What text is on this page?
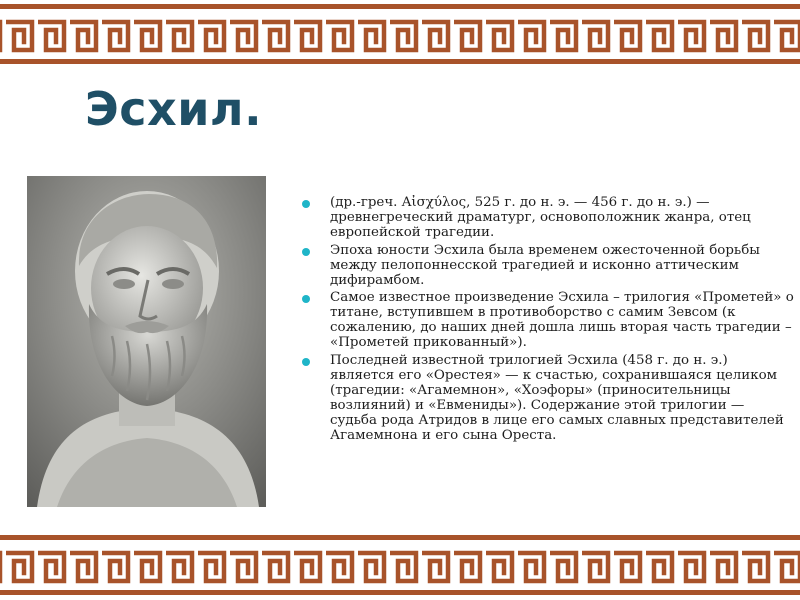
Эсхил.
(др.-греч. Αἰσχύλος, 525 г. до н. э. — 456 г. до н. э.) — древнегреческий драматург, основоположник жанра, отец европейской трагедии.
Эпоха юности Эсхила была временем ожесточенной борьбы между пелопоннесской трагедией и исконно аттическим дифирамбом.
Самое известное произведение Эсхила – трилогия «Прометей» о титане, вступившем в противоборство с самим Зевсом (к сожалению, до наших дней дошла лишь вторая часть трагедии – «Прометей прикованный»).
Последней известной трилогией Эсхила (458 г. до н. э.) является его «Орестея» — к счастью, сохранившаяся целиком (трагедии: «Агамемнон», «Хоэфоры» (приносительницы возлияний) и «Евмениды»). Содержание этой трилогии — судьба рода Атридов в лице его самых славных представителей Агамемнона и его сына Ореста.
